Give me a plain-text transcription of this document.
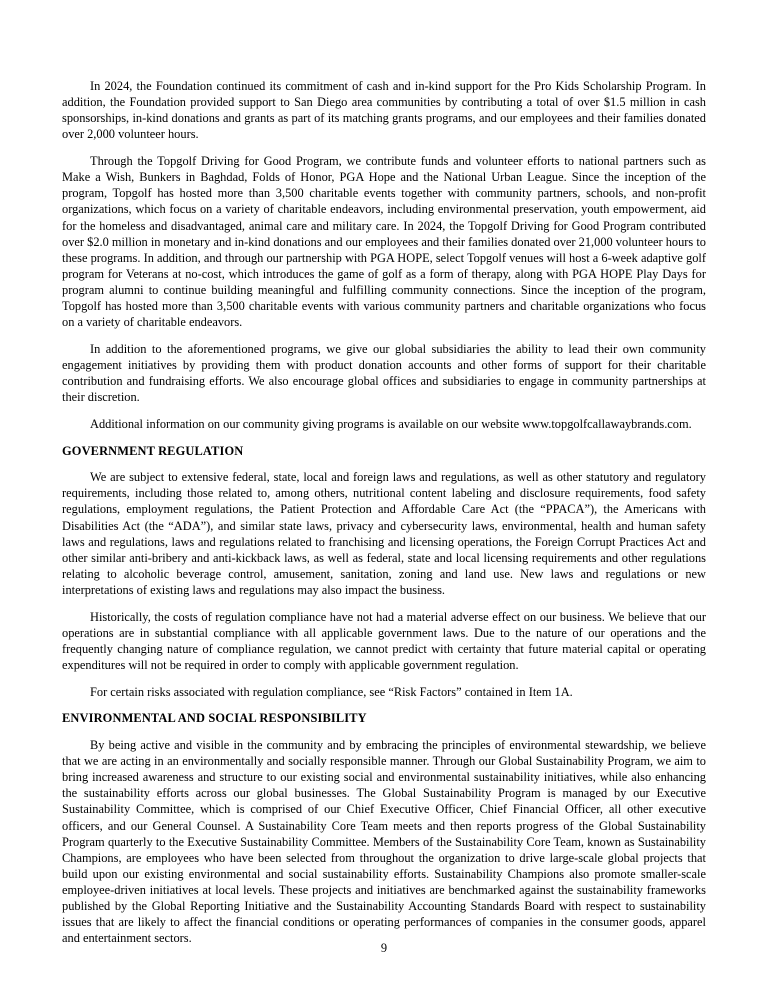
In 2024, the Foundation continued its commitment of cash and in-kind support for the Pro Kids Scholarship Program. In addition, the Foundation provided support to San Diego area communities by contributing a total of over $1.5 million in cash sponsorships, in-kind donations and grants as part of its matching grants programs, and our employees and their families donated over 2,000 volunteer hours.

Through the Topgolf Driving for Good Program, we contribute funds and volunteer efforts to national partners such as Make a Wish, Bunkers in Baghdad, Folds of Honor, PGA Hope and the National Urban League. Since the inception of the program, Topgolf has hosted more than 3,500 charitable events together with community partners, schools, and non-profit organizations, which focus on a variety of charitable endeavors, including environmental preservation, youth empowerment, aid for the homeless and disadvantaged, animal care and military care. In 2024, the Topgolf Driving for Good Program contributed over $2.0 million in monetary and in-kind donations and our employees and their families donated over 21,000 volunteer hours to these programs. In addition, and through our partnership with PGA HOPE, select Topgolf venues will host a 6-week adaptive golf program for Veterans at no-cost, which introduces the game of golf as a form of therapy, along with PGA HOPE Play Days for program alumni to continue building meaningful and fulfilling community connections. Since the inception of the program, Topgolf has hosted more than 3,500 charitable events with various community partners and charitable organizations who focus on a variety of charitable endeavors.

In addition to the aforementioned programs, we give our global subsidiaries the ability to lead their own community engagement initiatives by providing them with product donation accounts and other forms of support for their charitable contribution and fundraising efforts. We also encourage global offices and subsidiaries to engage in community partnerships at their discretion.

Additional information on our community giving programs is available on our website www.topgolfcallawaybrands.com.

GOVERNMENT REGULATION

We are subject to extensive federal, state, local and foreign laws and regulations, as well as other statutory and regulatory requirements, including those related to, among others, nutritional content labeling and disclosure requirements, food safety regulations, employment regulations, the Patient Protection and Affordable Care Act (the “PPACA”), the Americans with Disabilities Act (the “ADA”), and similar state laws, privacy and cybersecurity laws, environmental, health and human safety laws and regulations, laws and regulations related to franchising and licensing operations, the Foreign Corrupt Practices Act and other similar anti-bribery and anti-kickback laws, as well as federal, state and local licensing requirements and other regulations relating to alcoholic beverage control, amusement, sanitation, zoning and land use. New laws and regulations or new interpretations of existing laws and regulations may also impact the business.

Historically, the costs of regulation compliance have not had a material adverse effect on our business. We believe that our operations are in substantial compliance with all applicable government laws. Due to the nature of our operations and the frequently changing nature of compliance regulation, we cannot predict with certainty that future material capital or operating expenditures will not be required in order to comply with applicable government regulation.

For certain risks associated with regulation compliance, see “Risk Factors” contained in Item 1A.

ENVIRONMENTAL AND SOCIAL RESPONSIBILITY

By being active and visible in the community and by embracing the principles of environmental stewardship, we believe that we are acting in an environmentally and socially responsible manner. Through our Global Sustainability Program, we aim to bring increased awareness and structure to our existing social and environmental sustainability initiatives, while also enhancing the sustainability efforts across our global businesses. The Global Sustainability Program is managed by our Executive Sustainability Committee, which is comprised of our Chief Executive Officer, Chief Financial Officer, all other executive officers, and our General Counsel. A Sustainability Core Team meets and then reports progress of the Global Sustainability Program quarterly to the Executive Sustainability Committee. Members of the Sustainability Core Team, known as Sustainability Champions, are employees who have been selected from throughout the organization to drive large-scale global projects that build upon our existing environmental and social sustainability efforts. Sustainability Champions also promote smaller-scale employee-driven initiatives at local levels. These projects and initiatives are benchmarked against the sustainability frameworks published by the Global Reporting Initiative and the Sustainability Accounting Standards Board with respect to sustainability issues that are likely to affect the financial conditions or operating performances of companies in the consumer goods, apparel and entertainment sectors.

9
